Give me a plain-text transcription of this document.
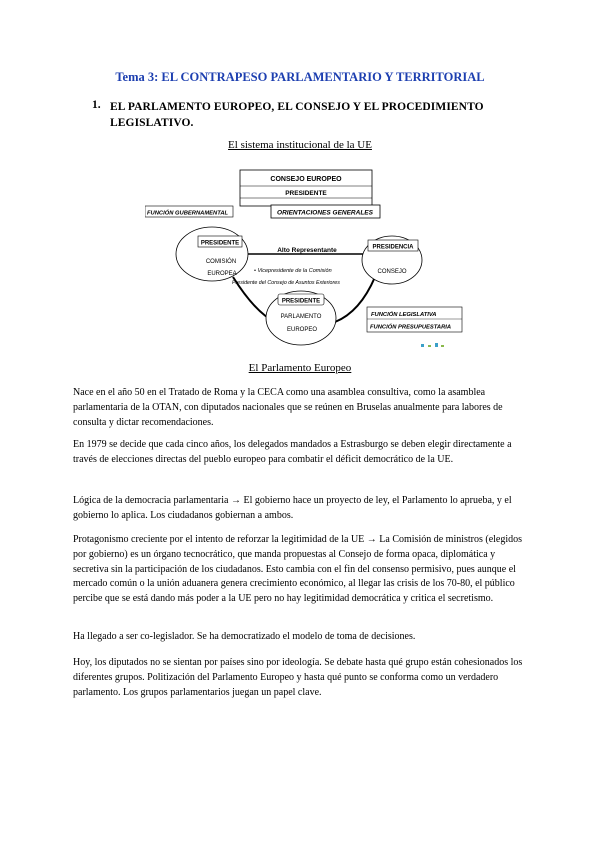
Tema 3: EL CONTRAPESO PARLAMENTARIO Y TERRITORIAL
1. EL PARLAMENTO EUROPEO, EL CONSEJO Y EL PROCEDIMIENTO LEGISLATIVO.
El sistema institucional de la UE
CONSEJO EUROPEO
PRESIDENTE
ORIENTACIONES GENERALES
FUNCIÓN GUBERNAMENTAL
PRESIDENTE
COMISIÓN
EUROPEA
PRESIDENCIA
CONSEJO
Alto Representante
• Vicepresidente de la Comisión
Presidente del Consejo de Asuntos Exteriores
PRESIDENTE
PARLAMENTO
EUROPEO
FUNCIÓN LEGISLATIVA
FUNCIÓN PRESUPUESTARIA
El Parlamento Europeo
Nace en el año 50 en el Tratado de Roma y la CECA como una asamblea consultiva, como la asamblea parlamentaria de la OTAN, con diputados nacionales que se reúnen en Bruselas anualmente para labores de consulta y dictar recomendaciones.
En 1979 se decide que cada cinco años, los delegados mandados a Estrasburgo se deben elegir directamente a través de elecciones directas del pueblo europeo para combatir el déficit democrático de la UE.
Lógica de la democracia parlamentaria → El gobierno hace un proyecto de ley, el Parlamento lo aprueba, y el gobierno lo aplica. Los ciudadanos gobiernan a ambos.
Protagonismo creciente por el intento de reforzar la legitimidad de la UE → La Comisión de ministros (elegidos por gobierno) es un órgano tecnocrático, que manda propuestas al Consejo de forma opaca, diplomática y secretiva sin la participación de los ciudadanos. Esto cambia con el fin del consenso permisivo, pues aunque el mercado común o la unión aduanera genera crecimiento económico, al llegar las crisis de los 70-80, el público percibe que se está dando más poder a la UE pero no hay legitimidad democrática y critica el secretismo.
Ha llegado a ser co-legislador. Se ha democratizado el modelo de toma de decisiones.
Hoy, los diputados no se sientan por países sino por ideología. Se debate hasta qué grupo están cohesionados los diferentes grupos. Politización del Parlamento Europeo y hasta qué punto se conforma como un verdadero parlamento. Los grupos parlamentarios juegan un papel clave.
